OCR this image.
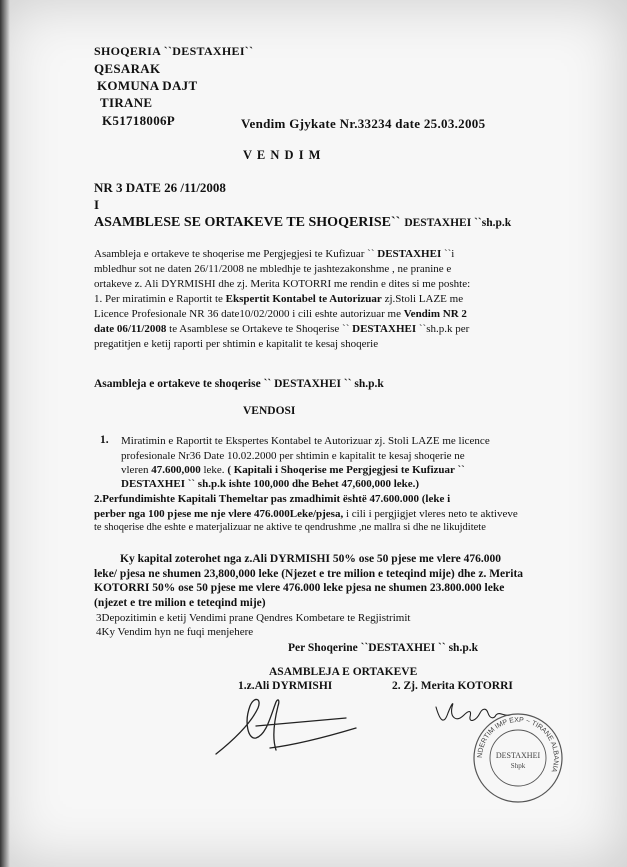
SHOQERIA ``DESTAXHEI``
QESARAK
KOMUNA DAJT
TIRANE
K51718006P	Vendim Gjykate Nr.33234 date 25.03.2005
V E N D I M
NR 3 DATE 26 /11/2008
I
ASAMBLESE SE ORTAKEVE TE SHOQERISE`` DESTAXHEI ``sh.p.k
Asambleja e ortakeve te shoqerise me Pergjegjesi te Kufizuar `` DESTAXHEI ``i
mbledhur sot ne daten 26/11/2008 ne mbledhje te jashtezakonshme , ne pranine e
ortakeve z. Ali DYRMISHI dhe zj. Merita KOTORRI me rendin e dites si me poshte:
1. Per miratimin e Raportit te Ekspertit Kontabel te Autorizuar zj.Stoli LAZE me
Licence Profesionale NR 36 date10/02/2000 i cili eshte autorizuar me Vendim NR 2
date 06/11/2008 te Asamblese se Ortakeve te Shoqerise `` DESTAXHEI ``sh.p.k per
pregatitjen e ketij raporti per shtimin e kapitalit te kesaj shoqerie
Asambleja e ortakeve te shoqerise `` DESTAXHEI `` sh.p.k
VENDOSI
1. Miratimin e Raportit te Ekspertes Kontabel te Autorizuar zj. Stoli LAZE me licence
profesionale Nr36 Date 10.02.2000 per shtimin e kapitalit te kesaj shoqerie ne
vleren 47.600,000 leke. ( Kapitali i Shoqerise me Pergjegjesi te Kufizuar ``
DESTAXHEI `` sh.p.k ishte 100,000 dhe Behet 47,600,000 leke.)
2.Perfundimishte Kapitali Themeltar pas zmadhimit është 47.600.000 (leke i
perber nga 100 pjese me nje vlere 476.000Leke/pjesa, i cili i pergjigjet vleres neto te aktiveve
te shoqerise dhe eshte e materjalizuar ne aktive te qendrushme ,ne mallra si dhe ne likujditete
Ky kapital zoterohet nga z.Ali DYRMISHI 50% ose 50 pjese me vlere 476.000
leke/ pjesa ne shumen 23,800,000 leke (Njezet e tre milion e teteqind mije) dhe z. Merita
KOTORRI 50% ose 50 pjese me vlere 476.000 leke pjesa ne shumen 23.800.000 leke
(njezet e tre milion e teteqind mije)
3Depozitimin e ketij Vendimi prane Qendres Kombetare te Regjistrimit
4Ky Vendim hyn ne fuqi menjehere
Per Shoqerine ``DESTAXHEI `` sh.p.k
ASAMBLEJA E ORTAKEVE
1.z.Ali DYRMISHI	2. Zj. Merita KOTORRI
NDERTIM IMP EXP ~ TIRANE ALBANIA
DESTAXHEI
Shpk
